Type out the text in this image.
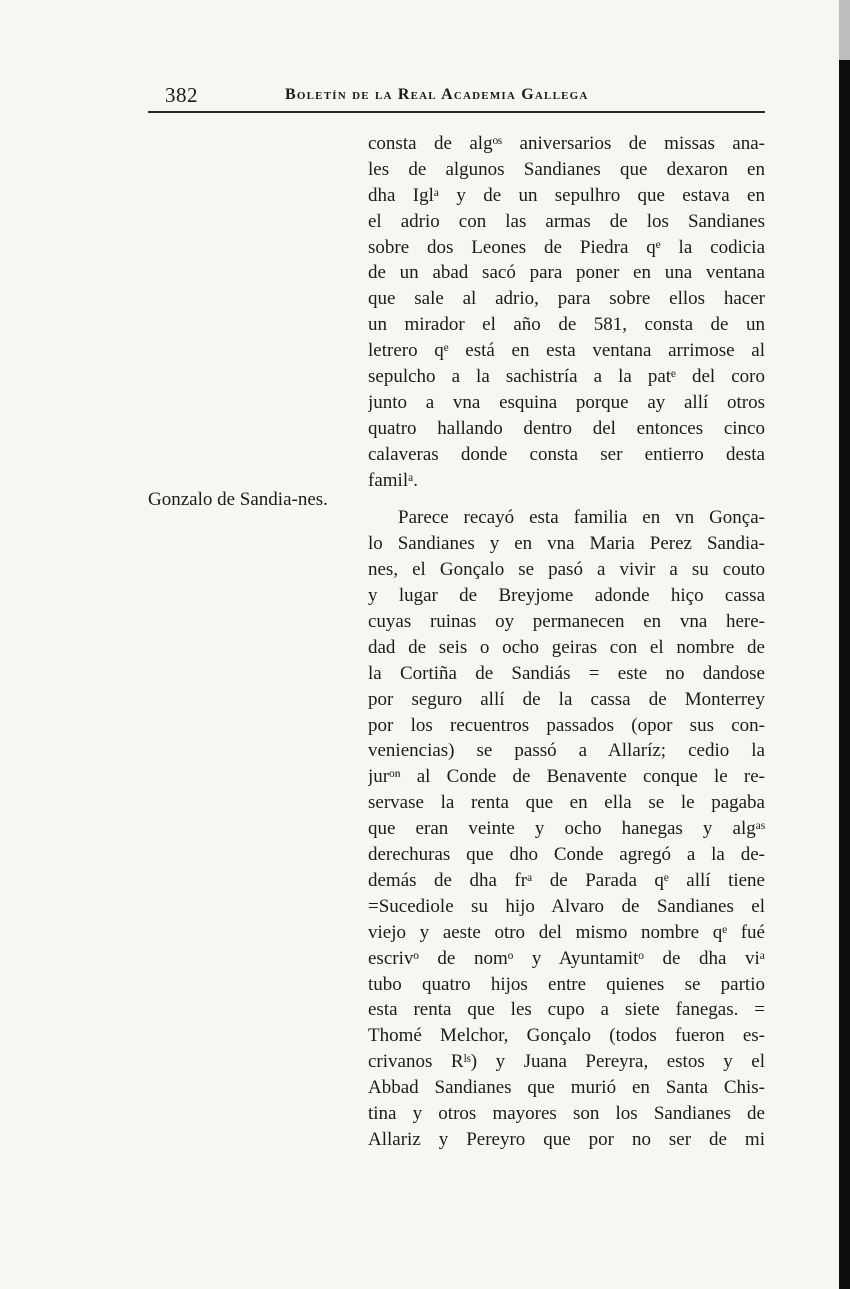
382	Boletín de la Real Academia Gallega
Gonzalo de Sandia-nes.
consta de algᵒˢ aniversarios de missas ana-
les de algunos Sandianes que dexaron en
dha Iglᵃ y de un sepulhro que estava en
el adrio con las armas de los Sandianes
sobre dos Leones de Piedra qᵉ la codicia
de un abad sacó para poner en una ventana
que sale al adrio, para sobre ellos hacer
un mirador el año de 581, consta de un
letrero qᵉ está en esta ventana arrimose al
sepulcho a la sachistría a la patᵉ del coro
junto a vna esquina porque ay allí otros
quatro hallando dentro del entonces cinco
calaveras donde consta ser entierro desta
familᵃ.
Parece recayó esta familia en vn Gonça-
lo Sandianes y en vna Maria Perez Sandia-
nes, el Gonçalo se pasó a vivir a su couto
y lugar de Breyjome adonde hiço cassa
cuyas ruinas oy permanecen en vna here-
dad de seis o ocho geiras con el nombre de
la Cortiña de Sandiás = este no dandose
por seguro allí de la cassa de Monterrey
por los recuentros passados (opor sus con-
veniencias) se passó a Allaríz; cedio la
jurᵒⁿ al Conde de Benavente conque le re-
servase la renta que en ella se le pagaba
que eran veinte y ocho hanegas y algᵃˢ
derechuras que dho Conde agregó a la de-
demás de dha frᵃ de Parada qᵉ allí tiene
=Sucediole su hijo Alvaro de Sandianes el
viejo y aeste otro del mismo nombre qᵉ fué
escrivᵒ de nomᵒ y Ayuntamitᵒ de dha viᵃ
tubo quatro hijos entre quienes se partio
esta renta que les cupo a siete fanegas. =
Thomé Melchor, Gonçalo (todos fueron es-
crivanos Rˡˢ) y Juana Pereyra, estos y el
Abbad Sandianes que murió en Santa Chis-
tina y otros mayores son los Sandianes de
Allariz y Pereyro que por no ser de mi
